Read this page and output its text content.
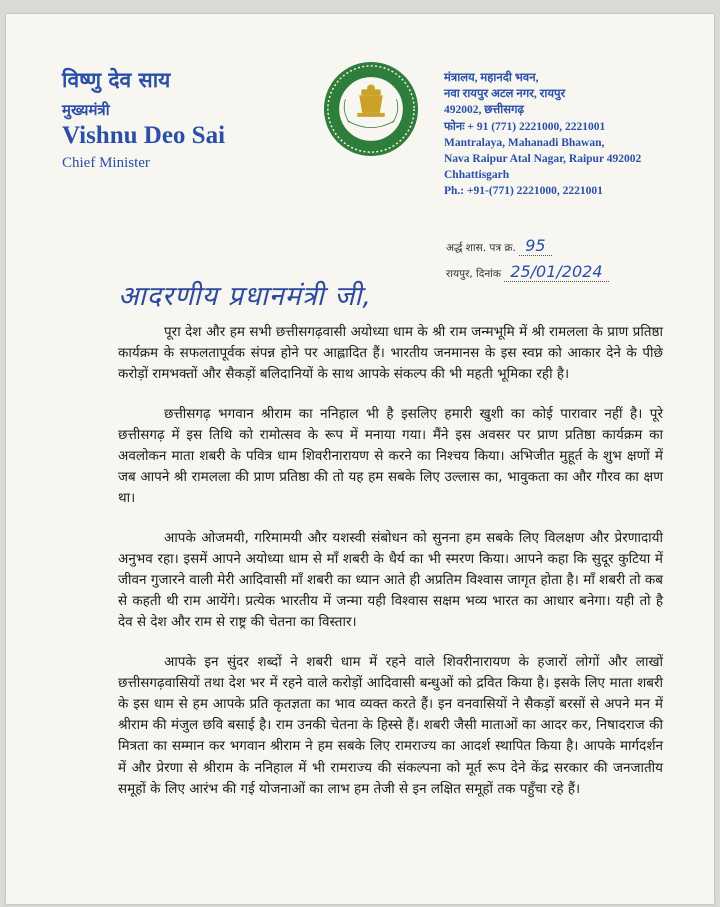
विष्णु देव साय
मुख्यमंत्री
Vishnu Deo Sai
Chief Minister
मंत्रालय, महानदी भवन,
नवा रायपुर अटल नगर, रायपुर
492002, छत्तीसगढ़
फोनः + 91 (771) 2221000, 2221001
Mantralaya, Mahanadi Bhawan,
Nava Raipur Atal Nagar, Raipur 492002
Chhattisgarh
Ph.: +91-(771) 2221000, 2221001
अर्द्ध शास. पत्र क्र. 95
रायपुर, दिनांक 25/01/2024
आदरणीय प्रधानमंत्री जी,

पूरा देश और हम सभी छत्तीसगढ़वासी अयोध्या धाम के श्री राम जन्मभूमि में श्री रामलला के प्राण प्रतिष्ठा कार्यक्रम के सफलतापूर्वक संपन्न होने पर आह्लादित हैं। भारतीय जनमानस के इस स्वप्न को आकार देने के पीछे करोड़ों रामभक्तों और सैकड़ों बलिदानियों के साथ आपके संकल्प की भी महती भूमिका रही है।

छत्तीसगढ़ भगवान श्रीराम का ननिहाल भी है इसलिए हमारी खुशी का कोई पारावार नहीं है। पूरे छत्तीसगढ़ में इस तिथि को रामोत्सव के रूप में मनाया गया। मैंने इस अवसर पर प्राण प्रतिष्ठा कार्यक्रम का अवलोकन माता शबरी के पवित्र धाम शिवरीनारायण से करने का निश्चय किया। अभिजीत मुहूर्त के शुभ क्षणों में जब आपने श्री रामलला की प्राण प्रतिष्ठा की तो यह हम सबके लिए उल्लास का, भावुकता का और गौरव का क्षण था।

आपके ओजमयी, गरिमामयी और यशस्वी संबोधन को सुनना हम सबके लिए विलक्षण और प्रेरणादायी अनुभव रहा। इसमें आपने अयोध्या धाम से माँ शबरी के धैर्य का भी स्मरण किया। आपने कहा कि सुदूर कुटिया में जीवन गुजारने वाली मेरी आदिवासी माँ शबरी का ध्यान आते ही अप्रतिम विश्वास जागृत होता है। माँ शबरी तो कब से कहती थी राम आयेंगे। प्रत्येक भारतीय में जन्मा यही विश्वास सक्षम भव्य भारत का आधार बनेगा। यही तो है देव से देश और राम से राष्ट्र की चेतना का विस्तार।

आपके इन सुंदर शब्दों ने शबरी धाम में रहने वाले शिवरीनारायण के हजारों लोगों और लाखों छत्तीसगढ़वासियों तथा देश भर में रहने वाले करोड़ों आदिवासी बन्धुओं को द्रवित किया है। इसके लिए माता शबरी के इस धाम से हम आपके प्रति कृतज्ञता का भाव व्यक्त करते हैं। इन वनवासियों ने सैकड़ों बरसों से अपने मन में श्रीराम की मंजुल छवि बसाई है। राम उनकी चेतना के हिस्से हैं। शबरी जैसी माताओं का आदर कर, निषादराज की मित्रता का सम्मान कर भगवान श्रीराम ने हम सबके लिए रामराज्य का आदर्श स्थापित किया है। आपके मार्गदर्शन में और प्रेरणा से श्रीराम के ननिहाल में भी रामराज्य की संकल्पना को मूर्त रूप देने केंद्र सरकार की जनजातीय समूहों के लिए आरंभ की गई योजनाओं का लाभ हम तेजी से इन लक्षित समूहों तक पहुँचा रहे हैं।
